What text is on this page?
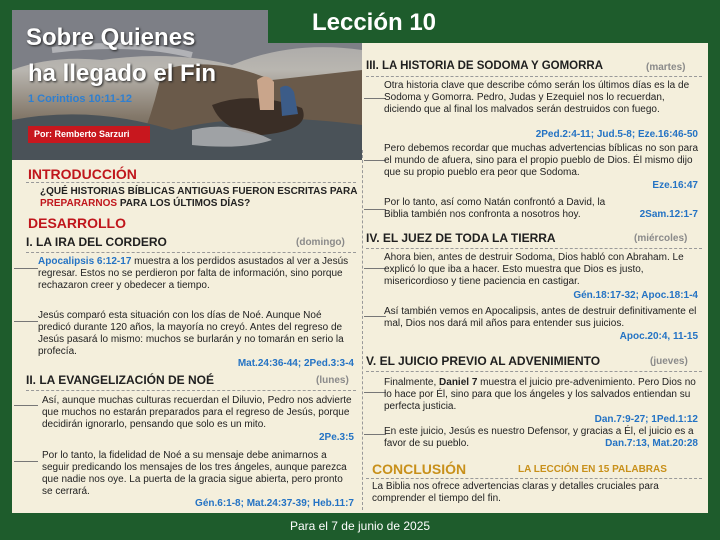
Sobre Quienes
ha llegado el Fin
1 Corintios 10:11-12
Por: Remberto Sarzuri
Lección 10
INTRODUCCIÓN
¿QUÉ HISTORIAS BÍBLICAS ANTIGUAS FUERON ESCRITAS PARA PREPARARNOS PARA LOS ÚLTIMOS DÍAS?
DESARROLLO
I. LA IRA DEL CORDERO	(domingo)
Apocalipsis 6:12-17 muestra a los perdidos asustados al ver a Jesús regresar. Estos no se perdieron por falta de información, sino porque rechazaron creer y obedecer a tiempo.
Jesús comparó esta situación con los días de Noé. Aunque Noé predicó durante 120 años, la mayoría no creyó. Antes del regreso de Jesús pasará lo mismo: muchos se burlarán y no tomarán en serio la profecía.
Mat.24:36-44; 2Ped.3:3-4
II. LA EVANGELIZACIÓN DE NOÉ	(lunes)
Así, aunque muchas culturas recuerdan el Diluvio, Pedro nos advierte que muchos no estarán preparados para el regreso de Jesús, porque decidirán ignorarlo, pensando que solo es un mito.
2Pe.3:5
Por lo tanto, la fidelidad de Noé a su mensaje debe animarnos a seguir predicando los mensajes de los tres ángeles, aunque parezca que nadie nos oye. La puerta de la gracia sigue abierta, pero pronto se cerrará.
Gén.6:1-8; Mat.24:37-39; Heb.11:7
III. LA HISTORIA DE SODOMA Y GOMORRA	(martes)
Otra historia clave que describe cómo serán los últimos días es la de Sodoma y Gomorra. Pedro, Judas y Ezequiel nos lo recuerdan, diciendo que al final los malvados serán destruidos con fuego.
2Ped.2:4-11; Jud.5-8; Eze.16:46-50
Pero debemos recordar que muchas advertencias bíblicas no son para el mundo de afuera, sino para el propio pueblo de Dios. Él mismo dijo que su propio pueblo era peor que Sodoma.
Eze.16:47
Por lo tanto, así como Natán confrontó a David, la Biblia también nos confronta a nosotros hoy.	2Sam.12:1-7
IV. EL JUEZ DE TODA LA TIERRA	(miércoles)
Ahora bien, antes de destruir Sodoma, Dios habló con Abraham. Le explicó lo que iba a hacer. Esto muestra que Dios es justo, misericordioso y tiene paciencia en castigar.
Gén.18:17-32; Apoc.18:1-4
Así también vemos en Apocalipsis, antes de destruir definitivamente el mal, Dios nos dará mil años para entender sus juicios.
Apoc.20:4, 11-15
V. EL JUICIO PREVIO AL ADVENIMIENTO	(jueves)
Finalmente, Daniel 7 muestra el juicio pre-advenimiento. Pero Dios no lo hace por Él, sino para que los ángeles y los salvados entiendan su perfecta justicia.
Dan.7:9-27; 1Ped.1:12
En este juicio, Jesús es nuestro Defensor, y gracias a Él, el juicio es a favor de su pueblo.	Dan.7:13, Mat.20:28
CONCLUSIÓN	LA LECCIÓN EN 15 PALABRAS
La Biblia nos ofrece advertencias claras y detalles cruciales para comprender el tiempo del fin.
Para el 7 de junio de 2025
